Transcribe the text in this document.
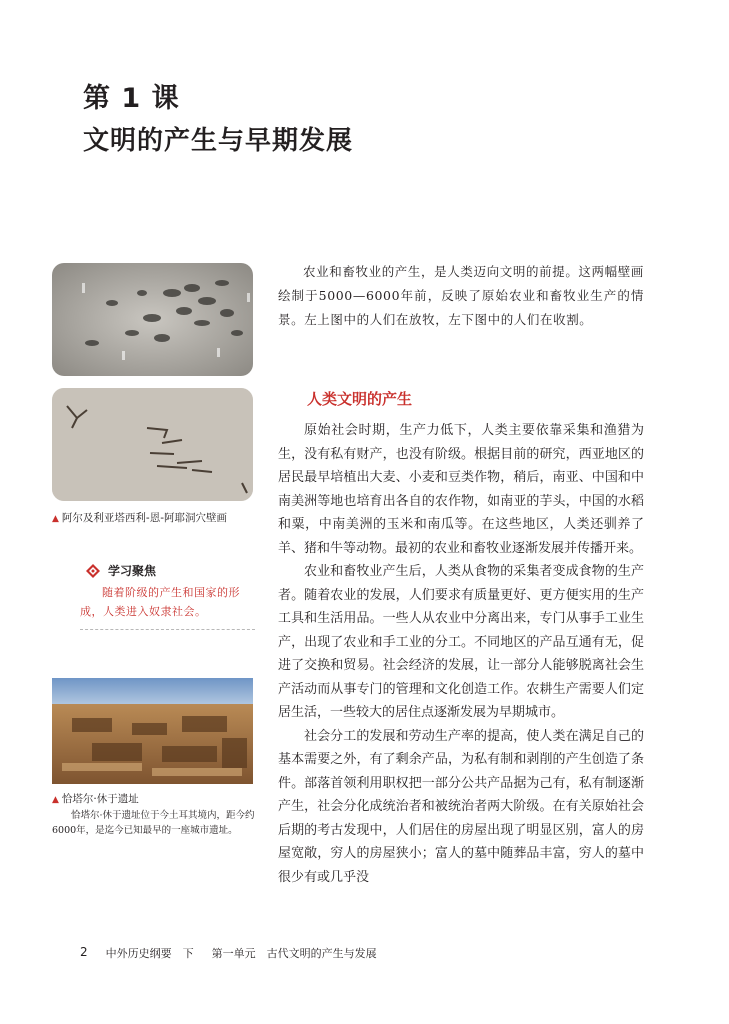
第 1 课
文明的产生与早期发展
▲ 阿尔及利亚塔西利-恩-阿耶洞穴壁画
学习聚焦
随着阶级的产生和国家的形成，人类进入奴隶社会。
▲ 恰塔尔·休于遗址
恰塔尔·休于遗址位于今土耳其境内，距今约6000年，是迄今已知最早的一座城市遗址。
农业和畜牧业的产生，是人类迈向文明的前提。这两幅壁画绘制于5000—6000年前，反映了原始农业和畜牧业生产的情景。左上图中的人们在放牧，左下图中的人们在收割。
人类文明的产生

原始社会时期，生产力低下，人类主要依靠采集和渔猎为生，没有私有财产，也没有阶级。根据目前的研究，西亚地区的居民最早培植出大麦、小麦和豆类作物，稍后，南亚、中国和中南美洲等地也培育出各自的农作物，如南亚的芋头，中国的水稻和粟，中南美洲的玉米和南瓜等。在这些地区，人类还驯养了羊、猪和牛等动物。最初的农业和畜牧业逐渐发展并传播开来。

农业和畜牧业产生后，人类从食物的采集者变成食物的生产者。随着农业的发展，人们要求有质量更好、更方便实用的生产工具和生活用品。一些人从农业中分离出来，专门从事手工业生产，出现了农业和手工业的分工。不同地区的产品互通有无，促进了交换和贸易。社会经济的发展，让一部分人能够脱离社会生产活动而从事专门的管理和文化创造工作。农耕生产需要人们定居生活，一些较大的居住点逐渐发展为早期城市。

社会分工的发展和劳动生产率的提高，使人类在满足自己的基本需要之外，有了剩余产品，为私有制和剥削的产生创造了条件。部落首领利用职权把一部分公共产品据为己有，私有制逐渐产生，社会分化成统治者和被统治者两大阶级。在有关原始社会后期的考古发现中，人们居住的房屋出现了明显区别，富人的房屋宽敞，穷人的房屋狭小；富人的墓中随葬品丰富，穷人的墓中很少有或几乎没

2 中外历史纲要　下 第一单元　古代文明的产生与发展
